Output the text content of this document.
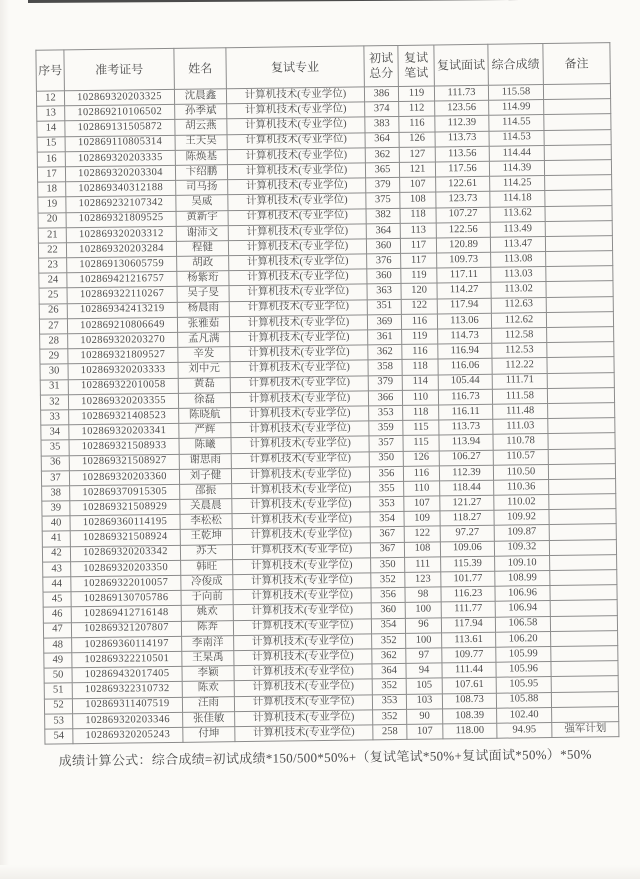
序号	准考证号	姓名	复试专业	初试总分	复试笔试	复试面试	综合成绩	备注
12	102869320203325	沈晨鑫	计算机技术(专业学位)	386	119	111.73	115.58	
13	102869210106502	孙季斌	计算机技术(专业学位)	374	112	123.56	114.99	
14	102869131505872	胡云燕	计算机技术(专业学位)	383	116	112.39	114.55	
15	102869110805314	王天昊	计算机技术(专业学位)	364	126	113.73	114.53	
16	102869320203335	陈焕基	计算机技术(专业学位)	362	127	113.56	114.44	
17	102869320203304	卞绍鹏	计算机技术(专业学位)	365	121	117.56	114.39	
18	102869340312188	司马扬	计算机技术(专业学位)	379	107	122.61	114.25	
19	102869232107342	吴威	计算机技术(专业学位)	375	108	123.73	114.18	
20	102869321809525	黄新宇	计算机技术(专业学位)	382	118	107.27	113.62	
21	102869320203312	谢沛文	计算机技术(专业学位)	364	113	122.56	113.49	
22	102869320203284	程健	计算机技术(专业学位)	360	117	120.89	113.47	
23	102869130605759	胡政	计算机技术(专业学位)	376	117	109.73	113.08	
24	102869421216757	杨紫珩	计算机技术(专业学位)	360	119	117.11	113.03	
25	102869322110267	吴子旻	计算机技术(专业学位)	363	120	114.27	113.02	
26	102869342413219	杨晨雨	计算机技术(专业学位)	351	122	117.94	112.63	
27	102869210806649	张雅茹	计算机技术(专业学位)	369	116	113.06	112.62	
28	102869320203270	孟凡满	计算机技术(专业学位)	361	119	114.73	112.58	
29	102869321809527	辛发	计算机技术(专业学位)	362	116	116.94	112.53	
30	102869320203333	刘中元	计算机技术(专业学位)	358	118	116.06	112.22	
31	102869322010058	黄磊	计算机技术(专业学位)	379	114	105.44	111.71	
32	102869320203355	徐磊	计算机技术(专业学位)	366	110	116.73	111.58	
33	102869321408523	陈晓航	计算机技术(专业学位)	353	118	116.11	111.48	
34	102869320203341	严辉	计算机技术(专业学位)	359	115	113.73	111.03	
35	102869321508933	陈曦	计算机技术(专业学位)	357	115	113.94	110.78	
36	102869321508927	谢思雨	计算机技术(专业学位)	350	126	106.27	110.57	
37	102869320203360	刘子健	计算机技术(专业学位)	356	116	112.39	110.50	
38	102869370915305	邵振	计算机技术(专业学位)	355	110	118.44	110.36	
39	102869321508929	关晨晨	计算机技术(专业学位)	353	107	121.27	110.02	
40	102869360114195	李松松	计算机技术(专业学位)	354	109	118.27	109.92	
41	102869321508924	王乾坤	计算机技术(专业学位)	367	122	97.27	109.87	
42	102869320203342	苏天	计算机技术(专业学位)	367	108	109.06	109.32	
43	102869320203350	韩旺	计算机技术(专业学位)	350	111	115.39	109.10	
44	102869322010057	冷俊成	计算机技术(专业学位)	352	123	101.77	108.99	
45	102869130705786	于向前	计算机技术(专业学位)	356	98	116.23	106.96	
46	102869412716148	姚欢	计算机技术(专业学位)	360	100	111.77	106.94	
47	102869321207807	陈奔	计算机技术(专业学位)	354	96	117.94	106.58	
48	102869360114197	李南洋	计算机技术(专业学位)	352	100	113.61	106.20	
49	102869322210501	王杲禹	计算机技术(专业学位)	362	97	109.77	105.99	
50	102869432017405	李颖	计算机技术(专业学位)	364	94	111.44	105.96	
51	102869322310732	陈欢	计算机技术(专业学位)	352	105	107.61	105.95	
52	102869311407519	汪雨	计算机技术(专业学位)	353	103	108.73	105.88	
53	102869320203346	张佳敏	计算机技术(专业学位)	352	90	108.39	102.40	
54	102869320205243	付坤	计算机技术(专业学位)	258	107	118.00	94.95	强军计划
成绩计算公式：综合成绩=初试成绩*150/500*50%+（复试笔试*50%+复试面试*50%）*50%
